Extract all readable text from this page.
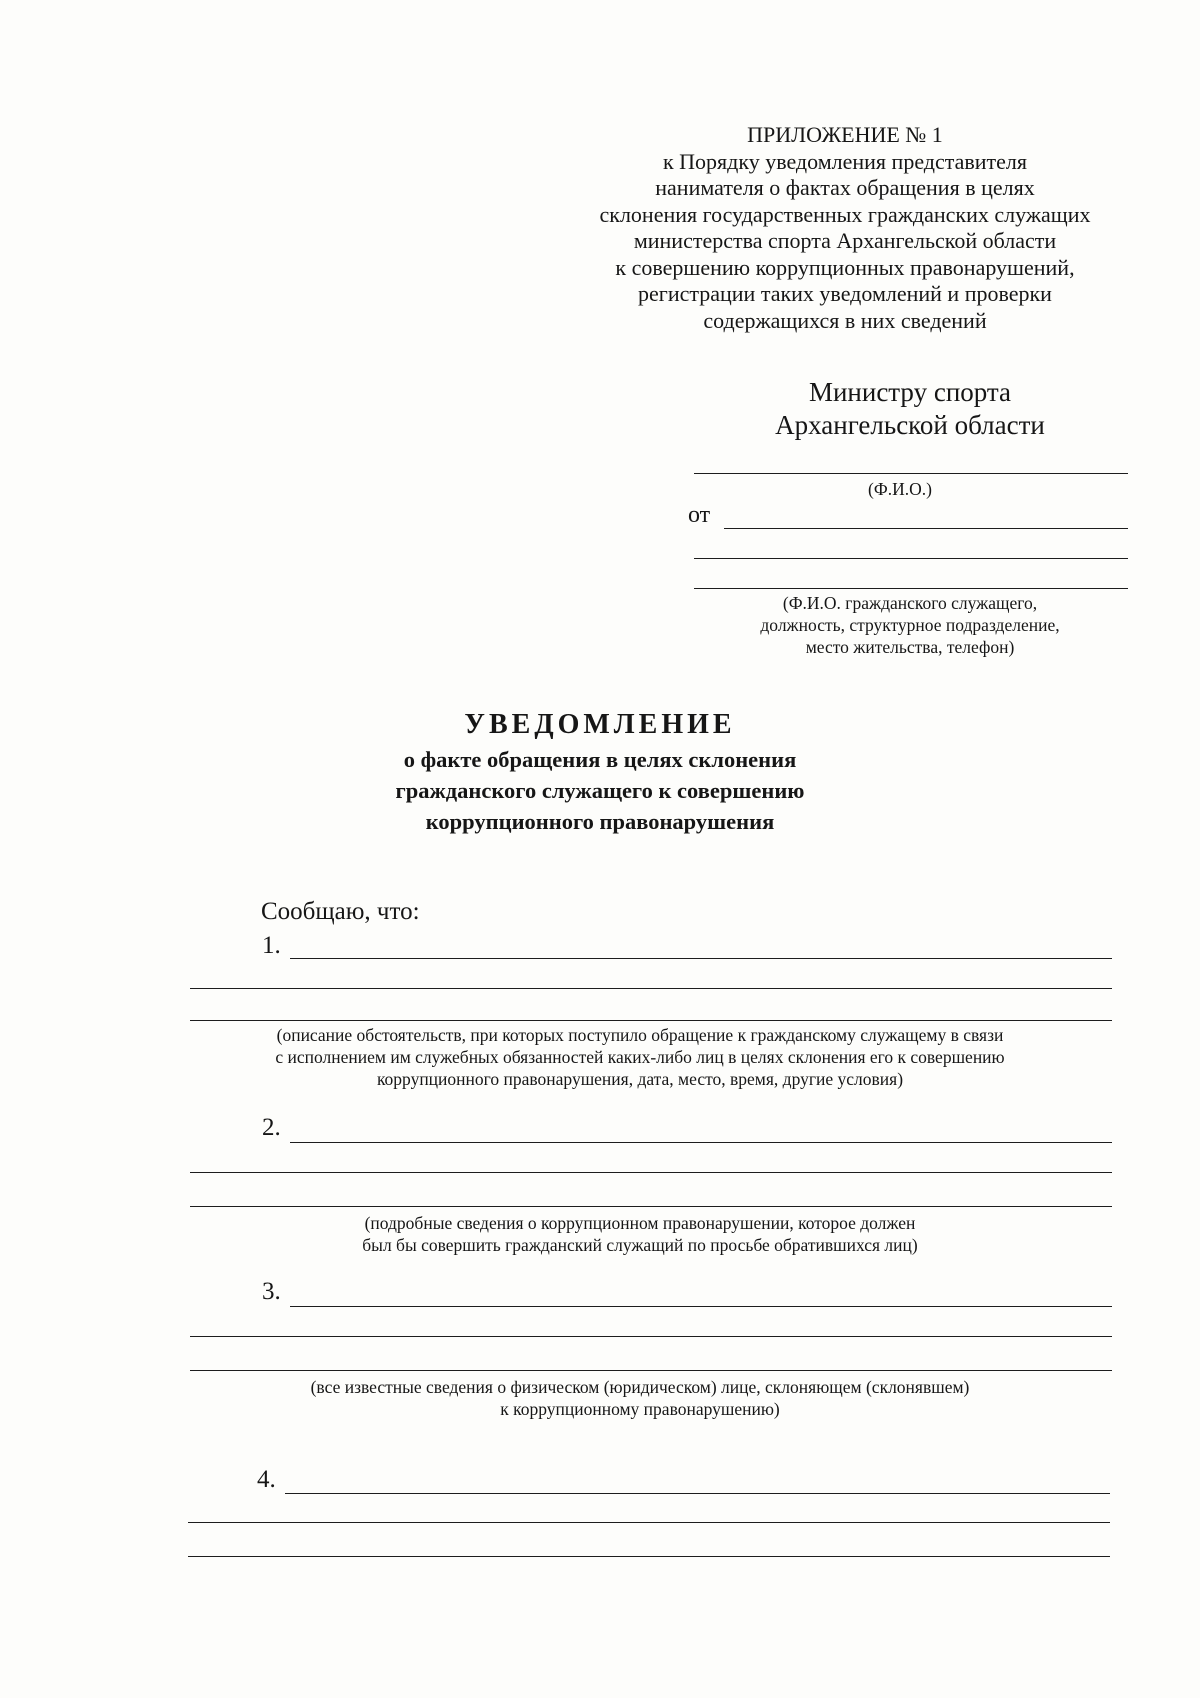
ПРИЛОЖЕНИЕ № 1
к Порядку уведомления представителя
нанимателя о фактах обращения в целях
склонения государственных гражданских служащих
министерства спорта Архангельской области
к совершению коррупционных правонарушений,
регистрации таких уведомлений и проверки
содержащихся в них сведений
Министру спорта
Архангельской области
(Ф.И.О.)
от
(Ф.И.О. гражданского служащего,
должность, структурное подразделение,
место жительства, телефон)
УВЕДОМЛЕНИЕ
о факте обращения в целях склонения
гражданского служащего к совершению
коррупционного правонарушения
Сообщаю, что:
1.
(описание обстоятельств, при которых поступило обращение к гражданскому служащему в связи
с исполнением им служебных обязанностей каких-либо лиц в целях склонения его к совершению
коррупционного правонарушения, дата, место, время, другие условия)
2.
(подробные сведения о коррупционном правонарушении, которое должен
был бы совершить гражданский служащий по просьбе обратившихся лиц)
3.
(все известные сведения о физическом (юридическом) лице, склоняющем (склонявшем)
к коррупционному правонарушению)
4.
